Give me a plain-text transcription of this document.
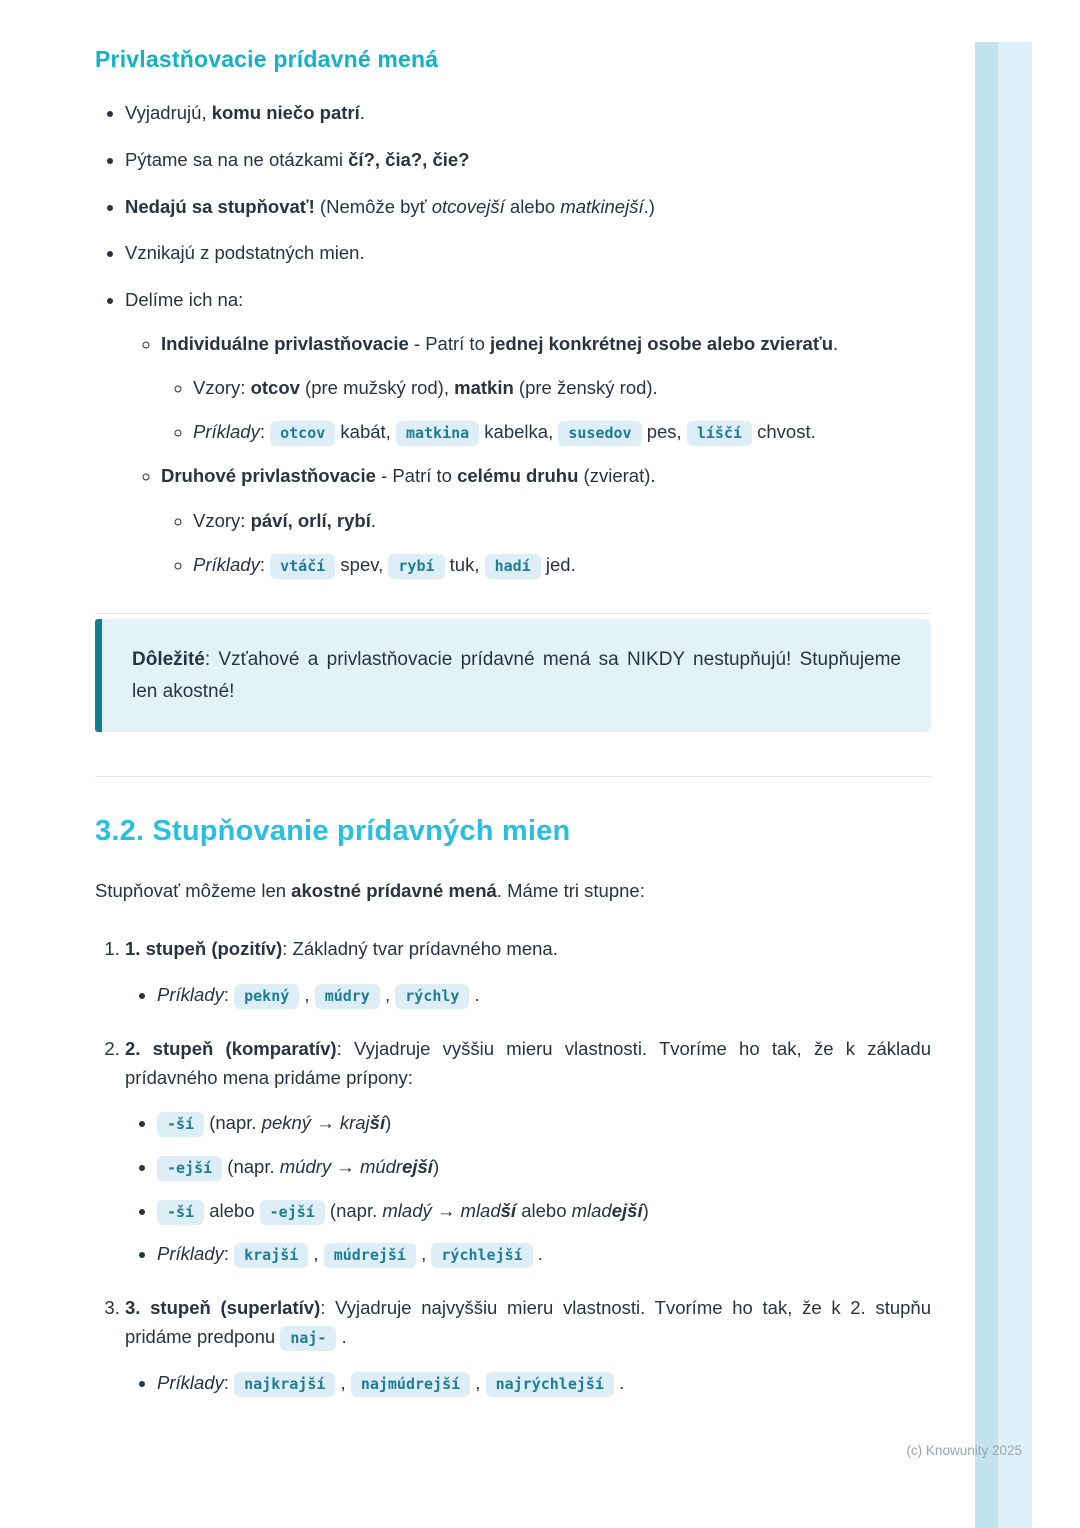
Privlastňovacie prídavné mená
• Vyjadrujú, komu niečo patrí.
• Pýtame sa na ne otázkami čí?, čia?, čie?
• Nedajú sa stupňovať! (Nemôže byť otcovejší alebo matkinejší.)
• Vznikajú z podstatných mien.
• Delíme ich na:
◦ Individuálne privlastňovacie - Patrí to jednej konkrétnej osobe alebo zvieraťu.
◦ Vzory: otcov (pre mužský rod), matkin (pre ženský rod).
◦ Príklady: otcov kabát, matkina kabelka, susedov pes, líščí chvost.
◦ Druhové privlastňovacie - Patrí to celému druhu (zvierat).
◦ Vzory: páví, orlí, rybí.
◦ Príklady: vtáčí spev, rybí tuk, hadí jed.

Dôležité: Vzťahové a privlastňovacie prídavné mená sa NIKDY nestupňujú! Stupňujeme len akostné!

3.2. Stupňovanie prídavných mien

Stupňovať môžeme len akostné prídavné mená. Máme tri stupne:

1. 1. stupeň (pozitív): Základný tvar prídavného mena.
• Príklady: pekný , múdry , rýchly .
2. 2. stupeň (komparatív): Vyjadruje vyššiu mieru vlastnosti. Tvoríme ho tak, že k základu prídavného mena pridáme prípony:
• -ší (napr. pekný → krajší)
• -ejší (napr. múdry → múdrejší)
• -ší alebo -ejší (napr. mladý → mladší alebo mladejší)
• Príklady: krajší , múdrejší , rýchlejší .
3. 3. stupeň (superlatív): Vyjadruje najvyššiu mieru vlastnosti. Tvoríme ho tak, že k 2. stupňu pridáme predponu naj- .
• Príklady: najkrajší , najmúdrejší , najrýchlejší .
(c) Knowunity 2025
